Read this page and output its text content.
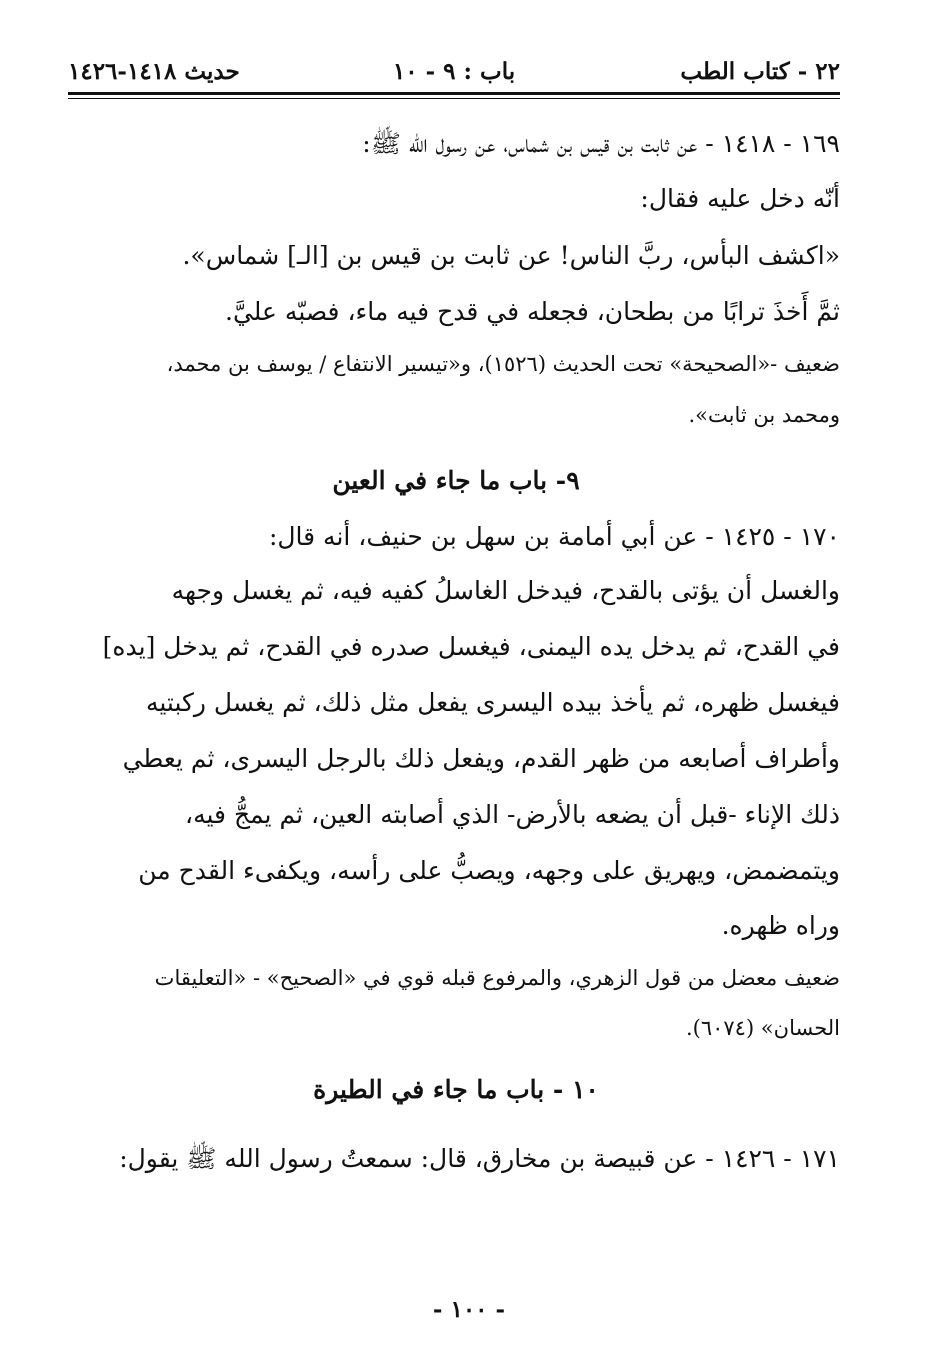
٢٢ - كتاب الطب
باب : ٩ - ١٠
حديث ١٤١٨-١٤٢٦
١٦٩ - ١٤١٨ - عن ثابت بن قيس بن شماس، عن رسول الله ﷺ:
أنّه دخل عليه فقال:
«اكشف البأس، ربَّ الناس! عن ثابت بن قيس بن [الـ] شماس».
ثمَّ أَخذَ ترابًا من بطحان، فجعله في قدح فيه ماء، فصبّه عليَّ.
ضعيف -«الصحيحة» تحت الحديث (١٥٢٦)، و«تيسير الانتفاع / يوسف بن محمد،
ومحمد بن ثابت».
٩- باب ما جاء في العين
١٧٠ - ١٤٢٥ - عن أبي أمامة بن سهل بن حنيف، أنه قال:
والغسل أن يؤتى بالقدح، فيدخل الغاسلُ كفيه فيه، ثم يغسل وجهه
في القدح، ثم يدخل يده اليمنى، فيغسل صدره في القدح، ثم يدخل [يده]
فيغسل ظهره، ثم يأخذ بيده اليسرى يفعل مثل ذلك، ثم يغسل ركبتيه
وأطراف أصابعه من ظهر القدم، ويفعل ذلك بالرجل اليسرى، ثم يعطي
ذلك الإناء -قبل أن يضعه بالأرض- الذي أصابته العين، ثم يمجُّ فيه،
ويتمضمض، ويهريق على وجهه، ويصبُّ على رأسه، ويكفىء القدح من
وراه ظهره.
ضعيف معضل من قول الزهري، والمرفوع قبله قوي في «الصحيح» - «التعليقات
الحسان» (٦٠٧٤).
١٠ - باب ما جاء في الطيرة
١٧١ - ١٤٢٦ - عن قبيصة بن مخارق، قال: سمعتُ رسول الله ﷺ يقول:
- ١٠٠ -
